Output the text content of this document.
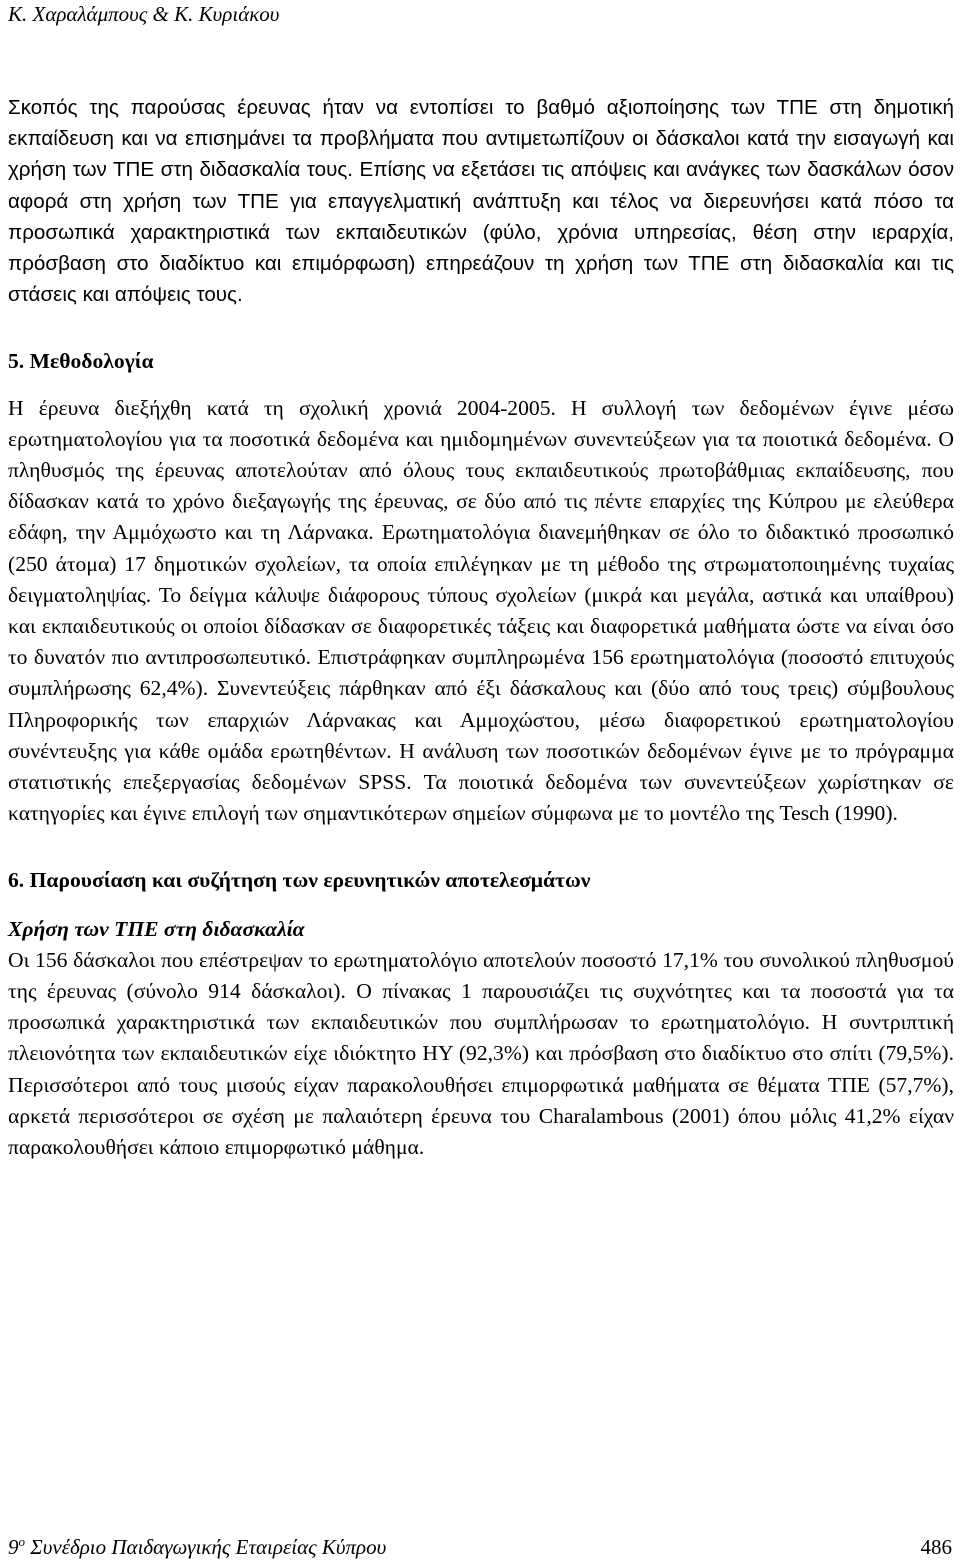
Κ. Χαραλάμπους & Κ. Κυριάκου

Σκοπός της παρούσας έρευνας ήταν να εντοπίσει το βαθμό αξιοποίησης των ΤΠΕ στη δημοτική εκπαίδευση και να επισημάνει τα προβλήματα που αντιμετωπίζουν οι δάσκαλοι κατά την εισαγωγή και χρήση των ΤΠΕ στη διδασκαλία τους. Επίσης να εξετάσει τις απόψεις και ανάγκες των δασκάλων όσον αφορά στη χρήση των ΤΠΕ για επαγγελματική ανάπτυξη και τέλος να διερευνήσει κατά πόσο τα προσωπικά χαρακτηριστικά των εκπαιδευτικών (φύλο, χρόνια υπηρεσίας, θέση στην ιεραρχία, πρόσβαση στο διαδίκτυο και επιμόρφωση) επηρεάζουν τη χρήση των ΤΠΕ στη διδασκαλία και τις στάσεις και απόψεις τους.

5. Μεθοδολογία

Η έρευνα διεξήχθη κατά τη σχολική χρονιά 2004-2005. Η συλλογή των δεδομένων έγινε μέσω ερωτηματολογίου για τα ποσοτικά δεδομένα και ημιδομημένων συνεντεύξεων για τα ποιοτικά δεδομένα. Ο πληθυσμός της έρευνας αποτελούταν από όλους τους εκπαιδευτικούς πρωτοβάθμιας εκπαίδευσης, που δίδασκαν κατά το χρόνο διεξαγωγής της έρευνας, σε δύο από τις πέντε επαρχίες της Κύπρου με ελεύθερα εδάφη, την Αμμόχωστο και τη Λάρνακα. Ερωτηματολόγια διανεμήθηκαν σε όλο το διδακτικό προσωπικό (250 άτομα) 17 δημοτικών σχολείων, τα οποία επιλέγηκαν με τη μέθοδο της στρωματοποιημένης τυχαίας δειγματοληψίας. Το δείγμα κάλυψε διάφορους τύπους σχολείων (μικρά και μεγάλα, αστικά και υπαίθρου) και εκπαιδευτικούς οι οποίοι δίδασκαν σε διαφορετικές τάξεις και διαφορετικά μαθήματα ώστε να είναι όσο το δυνατόν πιο αντιπροσωπευτικό. Επιστράφηκαν συμπληρωμένα 156 ερωτηματολόγια (ποσοστό επιτυχούς συμπλήρωσης 62,4%). Συνεντεύξεις πάρθηκαν από έξι δάσκαλους και (δύο από τους τρεις) σύμβουλους Πληροφορικής των επαρχιών Λάρνακας και Αμμοχώστου, μέσω διαφορετικού ερωτηματολογίου συνέντευξης για κάθε ομάδα ερωτηθέντων. Η ανάλυση των ποσοτικών δεδομένων έγινε με το πρόγραμμα στατιστικής επεξεργασίας δεδομένων SPSS. Τα ποιοτικά δεδομένα των συνεντεύξεων χωρίστηκαν σε κατηγορίες και έγινε επιλογή των σημαντικότερων σημείων σύμφωνα με το μοντέλο της Tesch (1990).

6. Παρουσίαση και συζήτηση των ερευνητικών αποτελεσμάτων
Χρήση των ΤΠΕ στη διδασκαλία

Οι 156 δάσκαλοι που επέστρεψαν το ερωτηματολόγιο αποτελούν ποσοστό 17,1% του συνολικού πληθυσμού της έρευνας (σύνολο 914 δάσκαλοι). Ο πίνακας 1 παρουσιάζει τις συχνότητες και τα ποσοστά για τα προσωπικά χαρακτηριστικά των εκπαιδευτικών που συμπλήρωσαν το ερωτηματολόγιο. Η συντριπτική πλειονότητα των εκπαιδευτικών είχε ιδιόκτητο ΗΥ (92,3%) και πρόσβαση στο διαδίκτυο στο σπίτι (79,5%). Περισσότεροι από τους μισούς είχαν παρακολουθήσει επιμορφωτικά μαθήματα σε θέματα ΤΠΕ (57,7%), αρκετά περισσότεροι σε σχέση με παλαιότερη έρευνα του Charalambous (2001) όπου μόλις 41,2% είχαν παρακολουθήσει κάποιο επιμορφωτικό μάθημα.

$9^o$ Συνέδριο Παιδαγωγικής Εταιρείας Κύπρου	486
